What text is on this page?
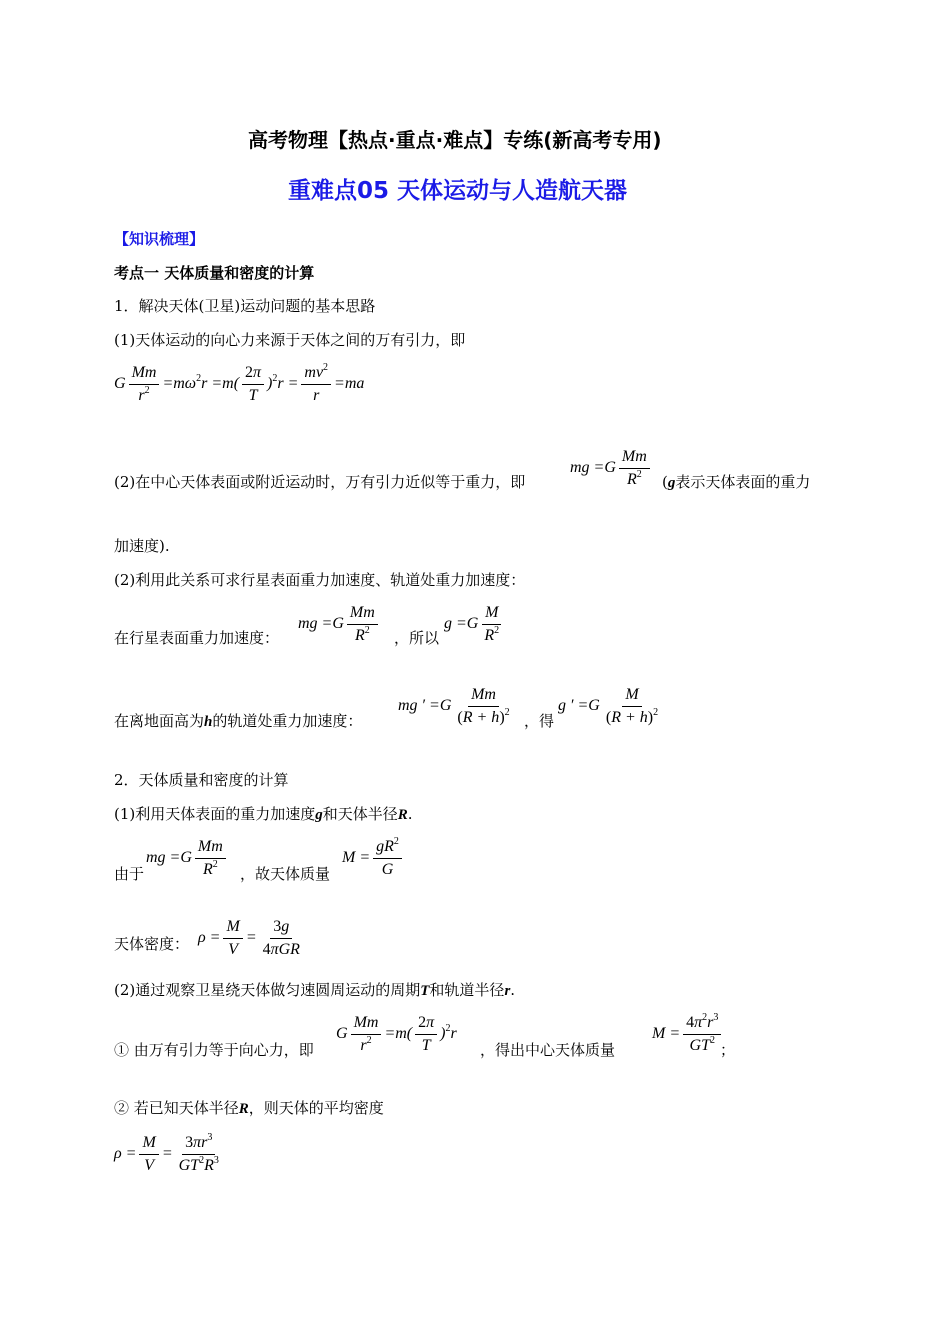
高考物理【热点·重点·难点】专练(新高考专用)
重难点05 天体运动与人造航天器
【知识梳理】
考点一 天体质量和密度的计算
1．解决天体(卫星)运动问题的基本思路
(1)天体运动的向心力来源于天体之间的万有引力，即
G $\frac{Mm}{r^2} =m\omega^2r =m( \frac{2\pi}{T} )^2r = \frac{mv^2}{r} =ma$
(2)在中心天体表面或附近运动时，万有引力近似等于重力，即
mg $=G \frac{Mm}{R^2} (g$表示天体表面的重力
加速度).
(2)利用此关系可求行星表面重力加速度、轨道处重力加速度：
在行星表面重力加速度：
mg $=G \frac{Mm}{R^2}$ ，所以
$g =G \frac{M}{R^2}$
在离地面高为h的轨道处重力加速度：
mg ′ $=G \frac{Mm}{(R + h)^2}$ ，得
g ′ $=G \frac{M}{(R + h)^2}$
2．天体质量和密度的计算
(1)利用天体表面的重力加速度g和天体半径R.
由于
mg $=G \frac{Mm}{R^2}$ ，故天体质量
$M = \frac{gR^2}{G}$
天体密度： $\rho = \frac{M}{V} = \frac{3g}{\text{4πGR}}$
(2)通过观察卫星绕天体做匀速圆周运动的周期T和轨道半径r.
① 由万有引力等于向心力，即
G $\frac{Mm}{r^2} =m( \frac{2\pi}{T} )^2r$
，得出中心天体质量
$M = \frac{4\pi^2r^3}{GT^2}$
；
② 若已知天体半径R，则天体的平均密度
$\rho = \frac{M}{V} = \frac{3\pi r^3}{GT^2R^3}$
